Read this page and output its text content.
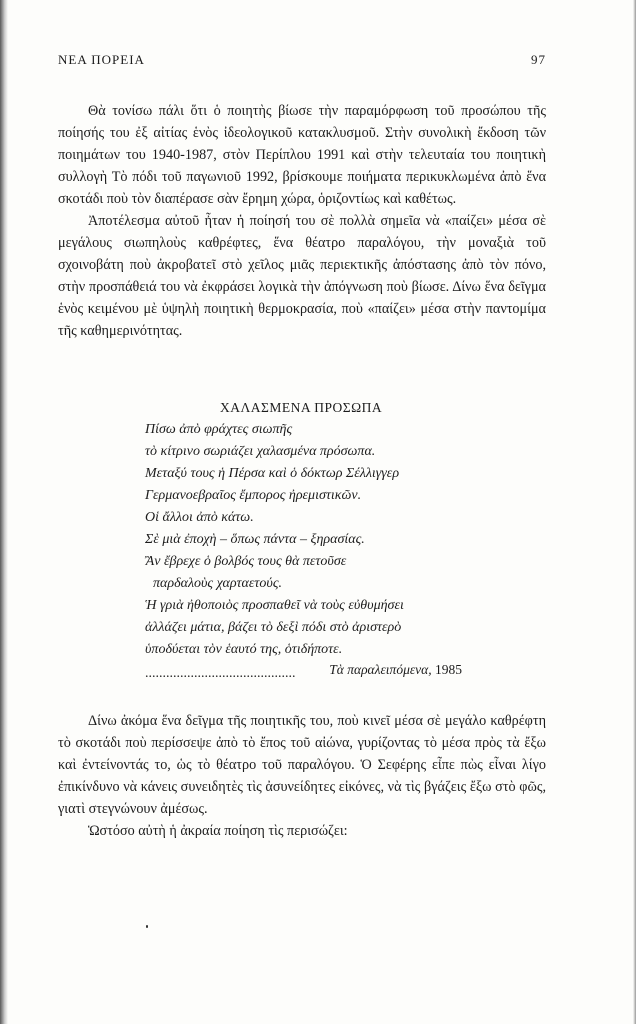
ΝΕΑ ΠΟΡΕΙΑ	97

Θὰ τονίσω πάλι ὅτι ὁ ποιητὴς βίωσε τὴν παραμόρφωση τοῦ προσώπου τῆς ποίησής του ἐξ αἰτίας ἑνὸς ἰδεολογικοῦ κατακλυσμοῦ. Στὴν συνολικὴ ἔκδοση τῶν ποιημάτων του 1940-1987, στὸν Περίπλου 1991 καὶ στὴν τελευταία του ποιητικὴ συλλογὴ Τὸ πόδι τοῦ παγωνιοῦ 1992, βρίσκουμε ποιήματα περικυκλωμένα ἀπὸ ἕνα σκοτάδι ποὺ τὸν διαπέρασε σὰν ἔρημη χώρα, ὁριζοντίως καὶ καθέτως.

Ἀποτέλεσμα αὐτοῦ ἦταν ἡ ποίησή του σὲ πολλὰ σημεῖα νὰ «παίζει» μέσα σὲ μεγάλους σιωπηλοὺς καθρέφτες, ἕνα θέατρο παραλόγου, τὴν μοναξιὰ τοῦ σχοινοβάτη ποὺ ἀκροβατεῖ στὸ χεῖλος μιᾶς περιεκτικῆς ἀπόστασης ἀπὸ τὸν πόνο, στὴν προσπάθειά του νὰ ἐκφράσει λογικὰ τὴν ἀπόγνωση ποὺ βίωσε. Δίνω ἕνα δεῖγμα ἑνὸς κειμένου μὲ ὑψηλὴ ποιητικὴ θερμοκρασία, ποὺ «παίζει» μέσα στὴν παντομίμα τῆς καθημερινότητας.

ΧΑΛΑΣΜΕΝΑ ΠΡΟΣΩΠΑ
Πίσω ἀπὸ φράχτες σιωπῆς
τὸ κίτρινο σωριάζει χαλασμένα πρόσωπα.
Μεταξύ τους ἡ Πέρσα καὶ ὁ δόκτωρ Σέλλιγγερ
Γερμανοεβραῖος ἔμπορος ἠρεμιστικῶν.
Οἱ ἄλλοι ἀπὸ κάτω.
Σὲ μιὰ ἐποχὴ – ὅπως πάντα – ξηρασίας.
Ἂν ἔβρεχε ὁ βολβός τους θὰ πετοῦσε
παρδαλοὺς χαρταετούς.
Ἡ γριὰ ἠθοποιὸς προσπαθεῖ νὰ τοὺς εὐθυμήσει
ἀλλάζει μάτια, βάζει τὸ δεξὶ πόδι στὸ ἀριστερὸ
ὑποδύεται τὸν ἑαυτό της, ὁτιδήποτε.
...........................................	Τὰ παραλειπόμενα, 1985

Δίνω ἀκόμα ἕνα δεῖγμα τῆς ποιητικῆς του, ποὺ κινεῖ μέσα σὲ μεγάλο καθρέφτη τὸ σκοτάδι ποὺ περίσσεψε ἀπὸ τὸ ἔπος τοῦ αἰώνα, γυρίζοντας τὸ μέσα πρὸς τὰ ἔξω καὶ ἐντείνοντάς το, ὡς τὸ θέατρο τοῦ παραλόγου. Ὁ Σεφέρης εἶπε πὼς εἶναι λίγο ἐπικίνδυνο νὰ κάνεις συνειδητὲς τὶς ἀσυνείδητες εἰκόνες, νὰ τὶς βγάζεις ἔξω στὸ φῶς, γιατὶ στεγνώνουν ἀμέσως.

Ὡστόσο αὐτὴ ἡ ἀκραία ποίηση τὶς περισώζει:
